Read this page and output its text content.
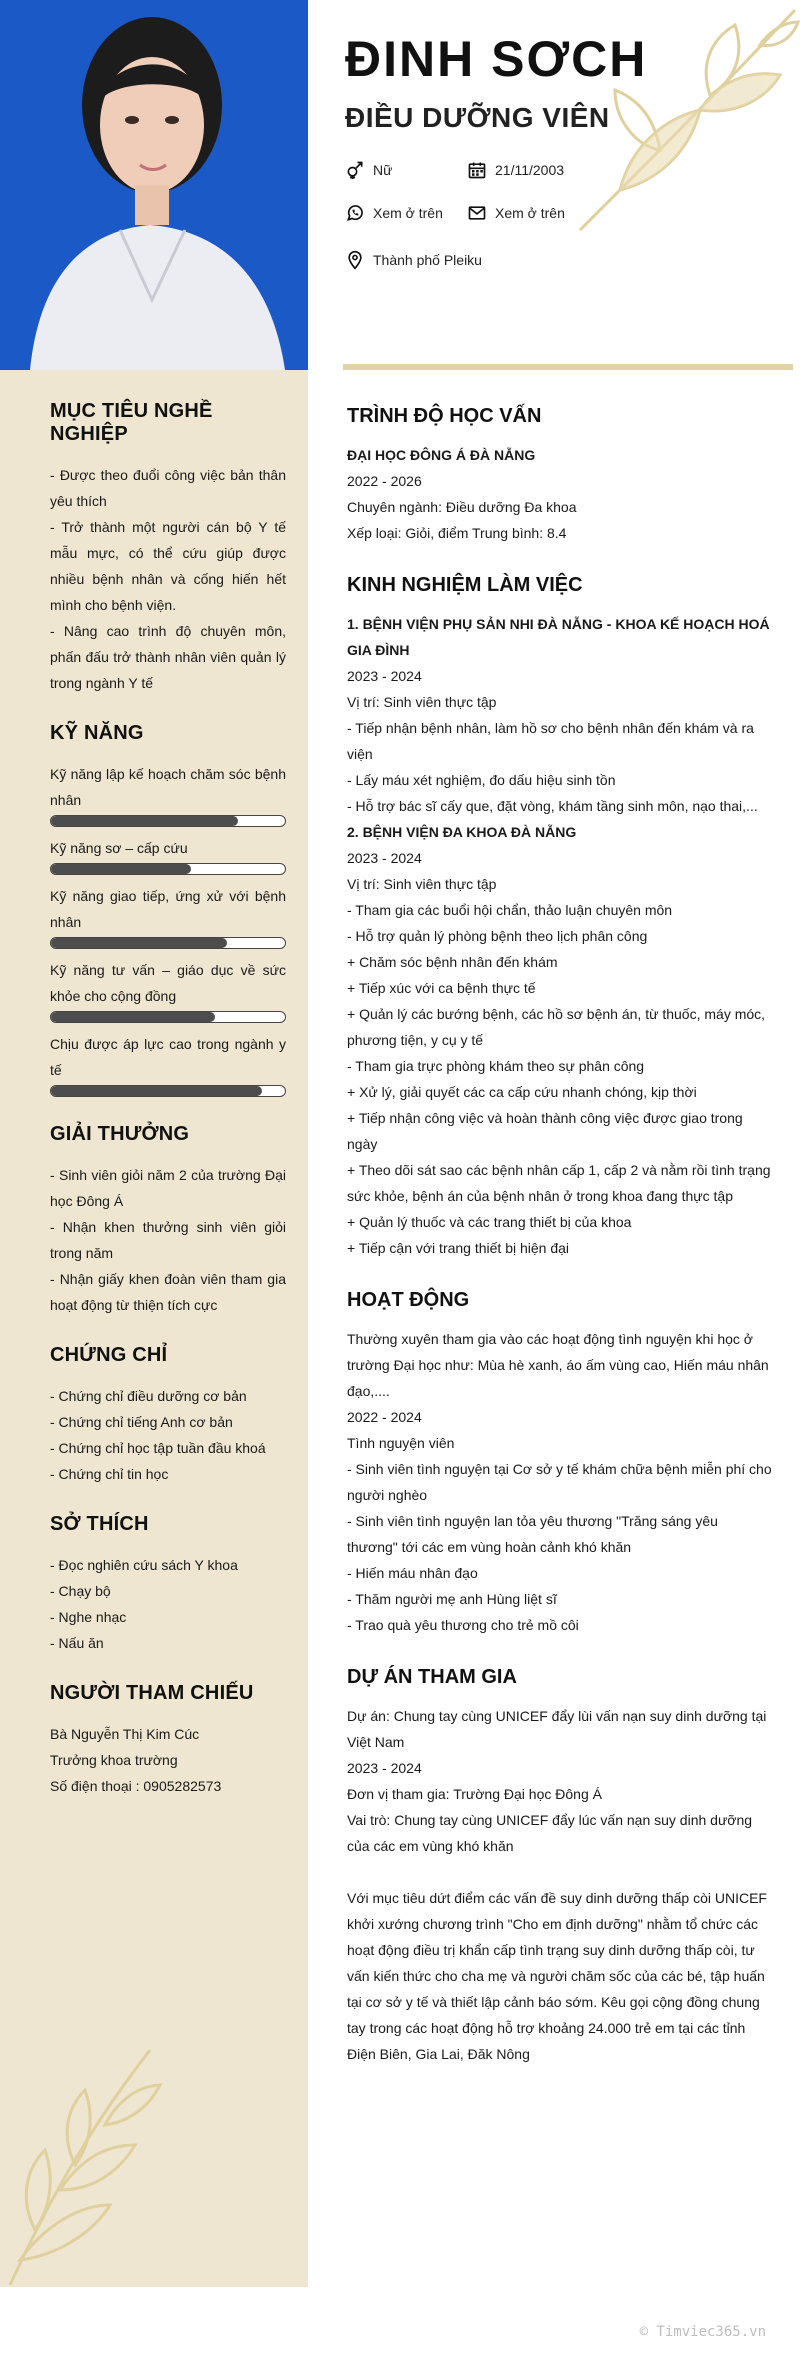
ĐINH SƠCH
ĐIỀU DƯỠNG VIÊN
Nữ	21/11/2003
Xem ở trên	Xem ở trên
Thành phố Pleiku
MỤC TIÊU NGHỀ NGHIỆP

- Được theo đuổi công việc bản thân yêu thích

- Trở thành một người cán bộ Y tế mẫu mực, có thể cứu giúp được nhiều bệnh nhân và cống hiến hết mình cho bệnh viện.

- Nâng cao trình độ chuyên môn, phấn đấu trở thành nhân viên quản lý trong ngành Y tế

KỸ NĂNG
Kỹ năng lập kế hoạch chăm sóc bệnh nhân
Kỹ năng sơ – cấp cứu
Kỹ năng giao tiếp, ứng xử với bệnh nhân
Kỹ năng tư vấn – giáo dục về sức khỏe cho cộng đồng
Chịu được áp lực cao trong ngành y tế
GIẢI THƯỞNG

- Sinh viên giỏi năm 2 của trường Đại học Đông Á

- Nhận khen thưởng sinh viên giỏi trong năm

- Nhận giấy khen đoàn viên tham gia hoạt động từ thiện tích cực

CHỨNG CHỈ

- Chứng chỉ điều dưỡng cơ bản

- Chứng chỉ tiếng Anh cơ bản

- Chứng chỉ học tập tuần đầu khoá

- Chứng chỉ tin học

SỞ THÍCH

- Đọc nghiên cứu sách Y khoa

- Chạy bộ

- Nghe nhạc

- Nấu ăn

NGƯỜI THAM CHIẾU

Bà Nguyễn Thị Kim Cúc

Trưởng khoa trường

Số điện thoại : 0905282573

TRÌNH ĐỘ HỌC VẤN

ĐẠI HỌC ĐÔNG Á ĐÀ NẴNG

2022 - 2026

Chuyên ngành: Điều dưỡng Đa khoa

Xếp loại: Giỏi, điểm Trung bình: 8.4

KINH NGHIỆM LÀM VIỆC

1. BỆNH VIỆN PHỤ SẢN NHI ĐÀ NẴNG - KHOA KẾ HOẠCH HOÁ GIA ĐÌNH

2023 - 2024

Vị trí: Sinh viên thực tập

- Tiếp nhận bệnh nhân, làm hồ sơ cho bệnh nhân đến khám và ra viện

- Lấy máu xét nghiệm, đo dấu hiệu sinh tồn

- Hỗ trợ bác sĩ cấy que, đặt vòng, khám tầng sinh môn, nạo thai,...

2. BỆNH VIỆN ĐA KHOA ĐÀ NẴNG

2023 - 2024

Vị trí: Sinh viên thực tập

- Tham gia các buổi hội chẩn, thảo luận chuyên môn

- Hỗ trợ quản lý phòng bệnh theo lịch phân công

+ Chăm sóc bệnh nhân đến khám

+ Tiếp xúc với ca bệnh thực tế

+ Quản lý các bướng bệnh, các hồ sơ bệnh án, từ thuốc, máy móc, phương tiện, y cụ y tế

- Tham gia trực phòng khám theo sự phân công

+ Xử lý, giải quyết các ca cấp cứu nhanh chóng, kịp thời

+ Tiếp nhận công việc và hoàn thành công việc được giao trong ngày

+ Theo dõi sát sao các bệnh nhân cấp 1, cấp 2 và nằm rồi tình trạng sức khỏe, bệnh án của bệnh nhân ở trong khoa đang thực tập

+ Quản lý thuốc và các trang thiết bị của khoa

+ Tiếp cận với trang thiết bị hiện đại

HOẠT ĐỘNG

Thường xuyên tham gia vào các hoạt động tình nguyện khi học ở trường Đại học như: Mùa hè xanh, áo ấm vùng cao, Hiến máu nhân đạo,....

2022 - 2024

Tình nguyện viên

- Sinh viên tình nguyện tại Cơ sở y tế khám chữa bệnh miễn phí cho người nghèo

- Sinh viên tình nguyện lan tỏa yêu thương "Trăng sáng yêu thương" tới các em vùng hoàn cảnh khó khăn

- Hiến máu nhân đạo

- Thăm người mẹ anh Hùng liệt sĩ

- Trao quà yêu thương cho trẻ mồ côi

DỰ ÁN THAM GIA

Dự án: Chung tay cùng UNICEF đẩy lùi vấn nạn suy dinh dưỡng tại Việt Nam

2023 - 2024

Đơn vị tham gia: Trường Đại học Đông Á

Vai trò: Chung tay cùng UNICEF đẩy lúc vấn nạn suy dinh dưỡng của các em vùng khó khăn

Với mục tiêu dứt điểm các vấn đề suy dinh dưỡng thấp còi UNICEF khởi xướng chương trình "Cho em định dưỡng" nhằm tổ chức các hoạt động điều trị khẩn cấp tình trạng suy dinh dưỡng thấp còi, tư vấn kiến thức cho cha mẹ và người chăm sốc của các bé, tập huấn tại cơ sở y tế và thiết lập cảnh báo sớm. Kêu gọi cộng đồng chung tay trong các hoạt động hỗ trợ khoảng 24.000 trẻ em tại các tỉnh Điện Biên, Gia Lai, Đăk Nông

© Timviec365.vn
